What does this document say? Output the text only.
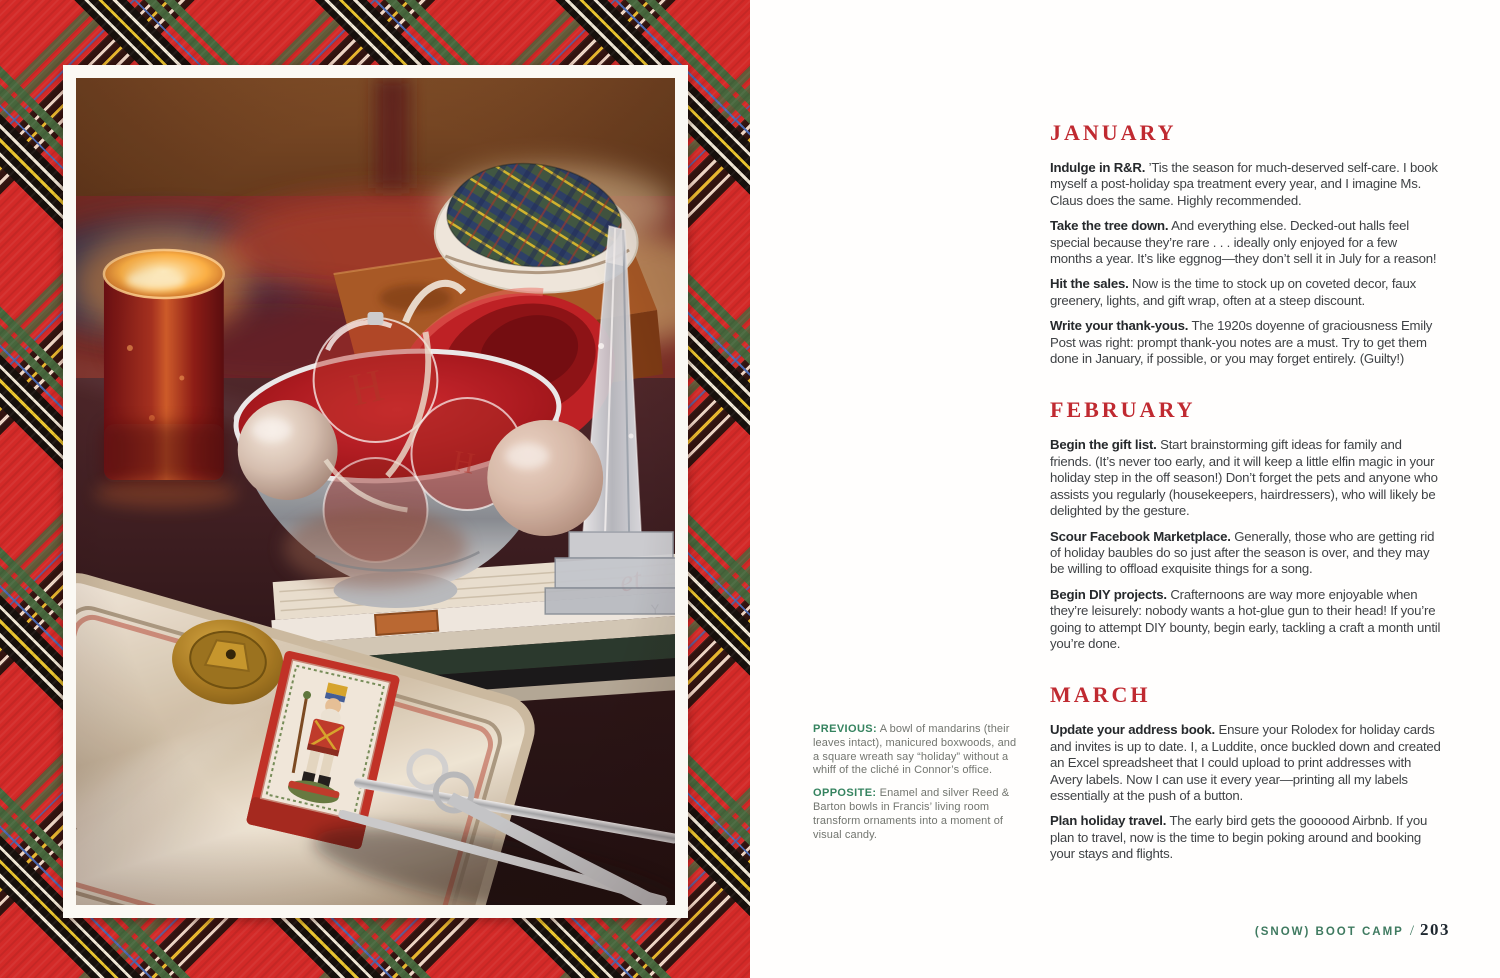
PREVIOUS: A bowl of mandarins (their leaves intact), manicured boxwoods, and a square wreath say “holiday” without a whiff of the cliché in Connor’s office.

OPPOSITE: Enamel and silver Reed & Barton bowls in Francis’ living room transform ornaments into a moment of visual candy.

JANUARY

Indulge in R&R. ’Tis the season for much-deserved self-care. I book myself a post-holiday spa treatment every year, and I imagine Ms. Claus does the same. Highly recommended.

Take the tree down. And everything else. Decked-out halls feel special because they’re rare . . . ideally only enjoyed for a few months a year. It’s like eggnog—they don’t sell it in July for a reason!

Hit the sales. Now is the time to stock up on coveted decor, faux greenery, lights, and gift wrap, often at a steep discount.

Write your thank-yous. The 1920s doyenne of graciousness Emily Post was right: prompt thank-you notes are a must. Try to get them done in January, if possible, or you may forget entirely. (Guilty!)

FEBRUARY

Begin the gift list. Start brainstorming gift ideas for family and friends. (It’s never too early, and it will keep a little elfin magic in your holiday step in the off season!) Don’t forget the pets and anyone who assists you regularly (housekeepers, hairdressers), who will likely be delighted by the gesture.

Scour Facebook Marketplace. Generally, those who are getting rid of holiday baubles do so just after the season is over, and they may be willing to offload exquisite things for a song.

Begin DIY projects. Crafternoons are way more enjoyable when they’re leisurely: nobody wants a hot-glue gun to their head! If you’re going to attempt DIY bounty, begin early, tackling a craft a month until you’re done.

MARCH

Update your address book. Ensure your Rolodex for holiday cards and invites is up to date. I, a Luddite, once buckled down and created an Excel spreadsheet that I could upload to print addresses with Avery labels. Now I can use it every year—printing all my labels essentially at the push of a button.

Plan holiday travel. The early bird gets the goooood Airbnb. If you plan to travel, now is the time to begin poking around and booking your stays and flights.

(SNOW) BOOT CAMP / 203
